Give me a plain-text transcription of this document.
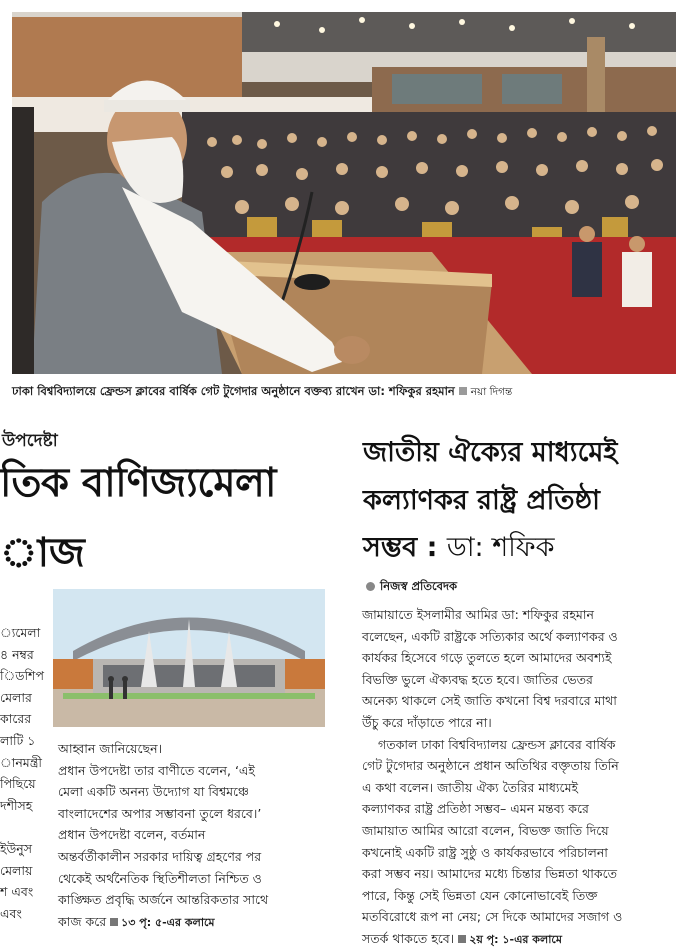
ঢাকা বিশ্ববিদ্যালয়ে ফ্রেন্ডস ক্লাবের বার্ষিক গেট টুগেদার অনুষ্ঠানে বক্তব্য রাখেন ডা: শফিকুর রহমান নয়া দিগন্ত
উপদেষ্টা
তিক বাণিজ্যমেলা
াজ
্যমেলা
৪ নম্বর
িডশিপ
মেলার
কারের
লাটি ১
ানমন্ত্রী
পিছিয়ে
দশীসহ
ইউনুস
মেলায়
শ এবং
এবং
আহ্বান জানিয়েছেন।
প্রধান উপদেষ্টা তার বাণীতে বলেন, ‘এই
মেলা একটি অনন্য উদ্যোগ যা বিশ্বমঞ্চে
বাংলাদেশের অপার সম্ভাবনা তুলে ধরবে।’
প্রধান উপদেষ্টা বলেন, বর্তমান
অন্তর্বর্তীকালীন সরকার দায়িত্ব গ্রহণের পর
থেকেই অর্থনৈতিক স্থিতিশীলতা নিশ্চিত ও
কাঙ্ক্ষিত প্রবৃদ্ধি অর্জনে আন্তরিকতার সাথে
কাজ করে ১৩ পৃ: ৫-এর কলামে
জাতীয় ঐক্যের মাধ্যমেই
কল্যাণকর রাষ্ট্র প্রতিষ্ঠা
সম্ভব : ডা: শফিক
নিজস্ব প্রতিবেদক
জামায়াতে ইসলামীর আমির ডা: শফিকুর রহমান
বলেছেন, একটি রাষ্ট্রকে সত্যিকার অর্থে কল্যাণকর ও
কার্যকর হিসেবে গড়ে তুলতে হলে আমাদের অবশ্যই
বিভক্তি ভুলে ঐক্যবদ্ধ হতে হবে। জাতির ভেতর
অনেক্য থাকলে সেই জাতি কখনো বিশ্ব দরবারে মাথা
উঁচু করে দাঁড়াতে পারে না।
গতকাল ঢাকা বিশ্ববিদ্যালয় ফ্রেন্ডস ক্লাবের বার্ষিক
গেট টুগেদার অনুষ্ঠানে প্রধান অতিথির বক্তৃতায় তিনি
এ কথা বলেন। জাতীয় ঐক্য তৈরির মাধ্যমেই
কল্যাণকর রাষ্ট্র প্রতিষ্ঠা সম্ভব– এমন মন্তব্য করে
জামায়াত আমির আরো বলেন, বিভক্ত জাতি দিয়ে
কখনোই একটি রাষ্ট্র সুষ্ঠু ও কার্যকরভাবে পরিচালনা
করা সম্ভব নয়। আমাদের মধ্যে চিন্তার ভিন্নতা থাকতে
পারে, কিন্তু সেই ভিন্নতা যেন কোনোভাবেই তিক্ত
মতবিরোধে রূপ না নেয়; সে দিকে আমাদের সজাগ ও
সতর্ক থাকতে হবে। ২য় পৃ: ১-এর কলামে
